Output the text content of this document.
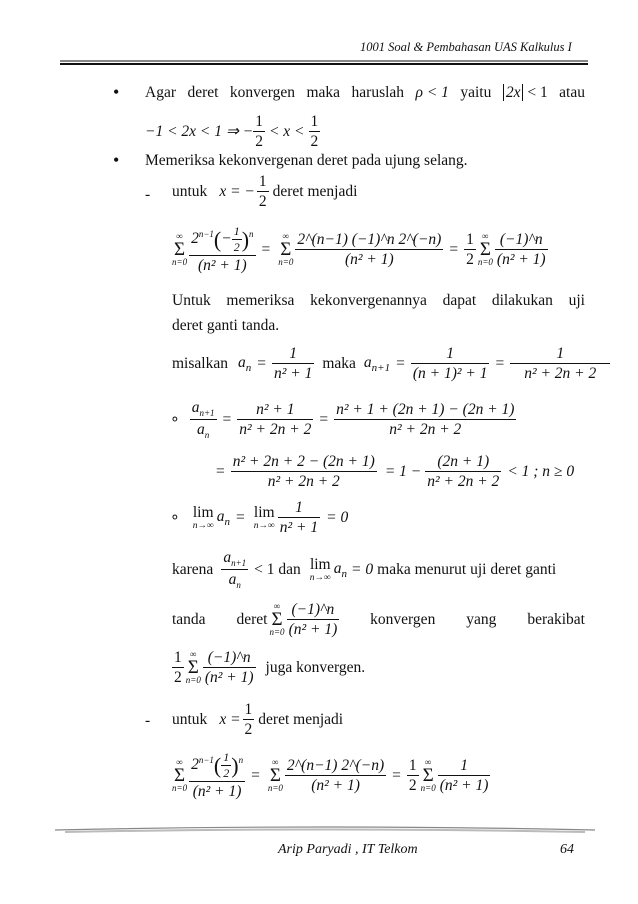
1001 Soal & Pembahasan UAS Kalkulus I
• Agar deret konvergen maka haruslah ρ < 1 yaitu 2x < 1 atau
−1 < 2x < 1 ⇒ − $\frac{1}{2} < x < \frac{1}{2}$
• Memeriksa kekonvergenan deret pada ujung selang.
- untuk x = − $\frac{1}{2}$ deret menjadi
∞
Σ
$n=0 \frac{2^{n-1}(- \frac{1}{2} )^n}{\text{(n² + 1)}}$ =
∞
Σ
$n=0 \frac{2\^{}(n-1) (-1)\^{}n 2\^{}(-n)}{\text{(n² + 1)}} = \frac{1}{2}$ ∞
Σ
$n=0 \frac{(-1)\^{}n}{\text{(n² + 1)}}$
Untuk memeriksa kekonvergenannya dapat dilakukan uji
deret ganti tanda.
misalkan $a_n = \frac{1}{\text{n² + 1}}$ maka $a_{n+1} = \frac{1}{\text{(n + 1)² + 1}} = \frac{1}{\text{n² + 2n + 2}}$
∘ $\frac{a_{n+1}}{a_n} = \frac{\text{n² + 1}}{\text{n² + 2n + 2}} = \frac{\text{n² + 1 + (2n + 1) − (2n + 1)}}{\text{n² + 2n + 2}}$
= $\frac{\text{n² + 2n + 2 − (2n + 1)}}{\text{n² + 2n + 2}} = 1 - \frac{(2n + 1)}{\text{n² + 2n + 2}} < 1$ ; n ≥ 0
∘ lim
n→∞
$a_n = \lim$
$n\to\infty \frac{1}{\text{n² + 1}} = 0$
karena $\frac{a_{n+1}}{a_n} < 1$ dan lim
n→∞
$a_n = 0$ maka menurut uji deret ganti
tanda deret
∞
Σ
$n=0 \frac{(-1)\^{}n}{\text{(n² + 1)}}$ konvergen yang berakibat
$\frac{1}{2}$ ∞
Σ
$n=0 \frac{(-1)\^{}n}{\text{(n² + 1)}}$ juga konvergen.
- untuk $x = \frac{1}{2}$ deret menjadi
∞
Σ
$n=0 \frac{2^{n-1}( \frac{1}{2} )^n}{\text{(n² + 1)}}$ =
∞
Σ
$n=0 \frac{2\^{}(n-1) 2\^{}(-n)}{\text{(n² + 1)}} = \frac{1}{2}$ ∞
Σ
$n=0 \frac{1}{\text{(n² + 1)}}$
Arip Paryadi , IT Telkom	64
